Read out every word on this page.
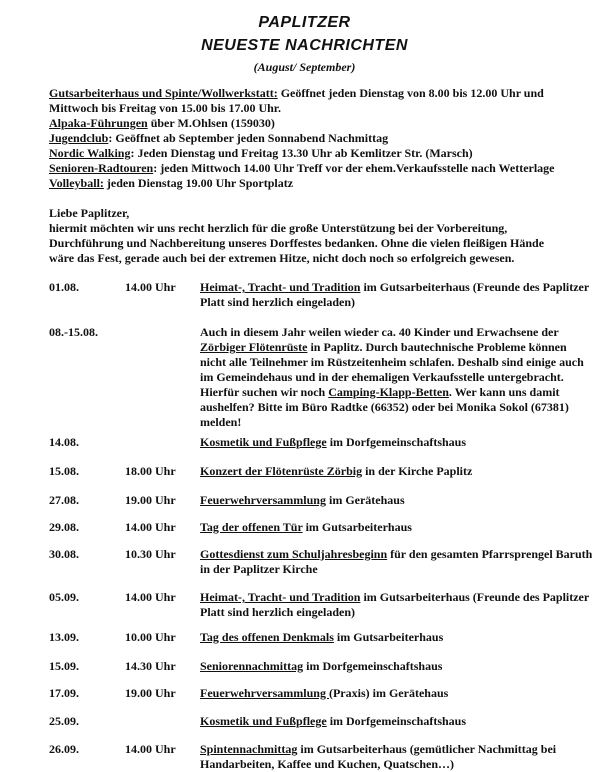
PAPLITZER
NEUESTE NACHRICHTEN
(August/ September)
Gutsarbeiterhaus und Spinte/Wollwerkstatt: Geöffnet jeden Dienstag von 8.00 bis 12.00 Uhr und
Mittwoch bis Freitag von 15.00 bis 17.00 Uhr.
Alpaka-Führungen über M.Ohlsen (159030)
Jugendclub: Geöffnet ab September jeden Sonnabend Nachmittag
Nordic Walking: Jeden Dienstag und Freitag 13.30 Uhr ab Kemlitzer Str. (Marsch)
Senioren-Radtouren: jeden Mittwoch 14.00 Uhr Treff vor der ehem.Verkaufsstelle nach Wetterlage
Volleyball: jeden Dienstag 19.00 Uhr Sportplatz
Liebe Paplitzer,
hiermit möchten wir uns recht herzlich für die große Unterstützung bei der Vorbereitung,
Durchführung und Nachbereitung unseres Dorffestes bedanken. Ohne die vielen fleißigen Hände
wäre das Fest, gerade auch bei der extremen Hitze, nicht doch noch so erfolgreich gewesen.
01.08.	14.00 Uhr Heimat-, Tracht- und Tradition im Gutsarbeiterhaus (Freunde des Paplitzer Platt sind herzlich eingeladen)
08.-15.08.	Auch in diesem Jahr weilen wieder ca. 40 Kinder und Erwachsene der Zörbiger Flötenrüste in Paplitz. Durch bautechnische Probleme können nicht alle Teilnehmer im Rüstzeitenheim schlafen. Deshalb sind einige auch im Gemeindehaus und in der ehemaligen Verkaufsstelle untergebracht. Hierfür suchen wir noch Camping-Klapp-Betten. Wer kann uns damit aushelfen? Bitte im Büro Radtke (66352) oder bei Monika Sokol (67381) melden!
14.08.	Kosmetik und Fußpflege im Dorfgemeinschaftshaus
15.08.	18.00 Uhr Konzert der Flötenrüste Zörbig in der Kirche Paplitz
27.08.	19.00 Uhr Feuerwehrversammlung im Gerätehaus
29.08.	14.00 Uhr Tag der offenen Tür im Gutsarbeiterhaus
30.08.	10.30 Uhr Gottesdienst zum Schuljahresbeginn für den gesamten Pfarrsprengel Baruth in der Paplitzer Kirche
05.09.	14.00 Uhr Heimat-, Tracht- und Tradition im Gutsarbeiterhaus (Freunde des Paplitzer Platt sind herzlich eingeladen)
13.09.	10.00 Uhr Tag des offenen Denkmals im Gutsarbeiterhaus
15.09.	14.30 Uhr Seniorennachmittag im Dorfgemeinschaftshaus
17.09.	19.00 Uhr Feuerwehrversammlung (Praxis) im Gerätehaus
25.09.	Kosmetik und Fußpflege im Dorfgemeinschaftshaus
26.09.	14.00 Uhr Spintennachmittag im Gutsarbeiterhaus (gemütlicher Nachmittag bei Handarbeiten, Kaffee und Kuchen, Quatschen…)
